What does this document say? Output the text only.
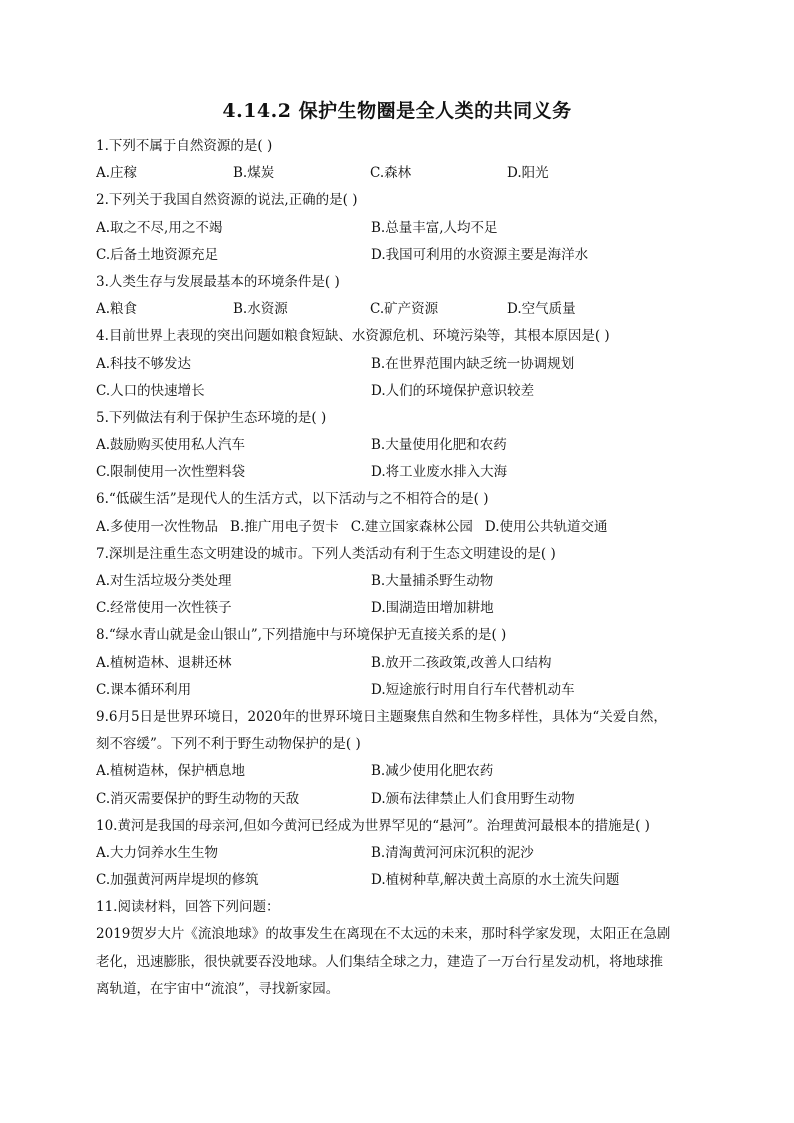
4.14.2 保护生物圈是全人类的共同义务
1.下列不属于自然资源的是( )
A.庄稼	B.煤炭	C.森林	D.阳光
2.下列关于我国自然资源的说法,正确的是( )
A.取之不尽,用之不竭	B.总量丰富,人均不足
C.后备土地资源充足	D.我国可利用的水资源主要是海洋水
3.人类生存与发展最基本的环境条件是( )
A.粮食	B.水资源	C.矿产资源	D.空气质量
4.目前世界上表现的突出问题如粮食短缺、水资源危机、环境污染等，其根本原因是( )
A.科技不够发达	B.在世界范围内缺乏统一协调规划
C.人口的快速增长	D.人们的环境保护意识较差
5.下列做法有利于保护生态环境的是( )
A.鼓励购买使用私人汽车	B.大量使用化肥和农药
C.限制使用一次性塑料袋	D.将工业废水排入大海
6.“低碳生活”是现代人的生活方式，以下活动与之不相符合的是( )
A.多使用一次性物品 B.推广用电子贺卡 C.建立国家森林公园 D.使用公共轨道交通
7.深圳是注重生态文明建设的城市。下列人类活动有利于生态文明建设的是( )
A.对生活垃圾分类处理	B.大量捕杀野生动物
C.经常使用一次性筷子	D.围湖造田增加耕地
8.“绿水青山就是金山银山”,下列措施中与环境保护无直接关系的是( )
A.植树造林、退耕还林	B.放开二孩政策,改善人口结构
C.课本循环利用	D.短途旅行时用自行车代替机动车
9.6月5日是世界环境日，2020年的世界环境日主题聚焦自然和生物多样性，具体为“关爱自然，
刻不容缓”。下列不利于野生动物保护的是( )
A.植树造林，保护栖息地	B.减少使用化肥农药
C.消灭需要保护的野生动物的天敌	D.颁布法律禁止人们食用野生动物
10.黄河是我国的母亲河,但如今黄河已经成为世界罕见的“悬河”。治理黄河最根本的措施是( )
A.大力饲养水生生物	B.清淘黄河河床沉积的泥沙
C.加强黄河两岸堤坝的修筑	D.植树种草,解决黄土高原的水土流失问题
11.阅读材料，回答下列问题：
2019贺岁大片《流浪地球》的故事发生在离现在不太远的未来，那时科学家发现，太阳正在急剧
老化，迅速膨胀，很快就要吞没地球。人们集结全球之力，建造了一万台行星发动机，将地球推
离轨道，在宇宙中“流浪”，寻找新家园。
